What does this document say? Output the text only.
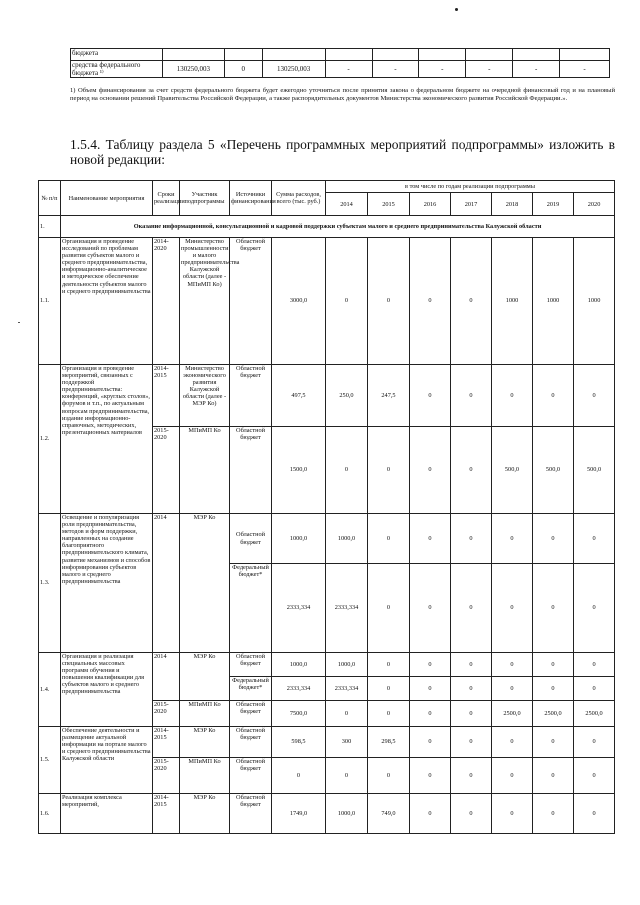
бюджета									
средства федерального бюджета ¹⁾	130250,003	0	130250,003	-	-	-	-	-	-
1) Объем финансирования за счет средств федерального бюджета будет ежегодно уточняться после принятия закона о федеральном бюджете на очередной финансовый год и на плановый период на основании решений Правительства Российской Федерации, а также распорядительных документов Министерства экономического развития Российской Федерации.».
1.5.4. Таблицу раздела 5 «Перечень программных мероприятий подпрограммы» изложить в новой редакции:
№ п/п	Наименование мероприятия	Сроки реализации	Участник подпрограммы	Источники финансирования	Сумма расходов, всего (тыс. руб.)	в том числе по годам реализации подпрограммы						
						2014	2015	2016	2017	2018	2019	2020
1.	Оказание информационной, консультационной и кадровой поддержки субъектам малого и среднего предпринимательства Калужской области											
1.1.	Организация и проведение исследований по проблемам развития субъектов малого и среднего предпринимательства, информационно-аналитическое и методическое обеспечение деятельности субъектов малого и среднего предпринимательства	2014-2020	Министерство промышленности и малого предпринимательства Калужской области (далее - МПиМП Ко)	Областной бюджет	3000,0	0	0	0	0	1000	1000	1000
1.2.	Организация и проведение мероприятий, связанных с поддержкой предпринимательства: конференций, «круглых столов», форумов и т.п., по актуальным вопросам предпринимательства, издание информационно-справочных, методических, презентационных материалов	2014-2015	Министерство экономического развития Калужской области (далее - МЭР Ко)	Областной бюджет	497,5	250,0	247,5	0	0	0	0	0
		2015-2020	МПиМП Ко	Областной бюджет	1500,0	0	0	0	0	500,0	500,0	500,0
1.3.	Освещение и популяризация роли предпринимательства, методов и форм поддержки, направленных на создание благоприятного предпринимательского климата, развитие механизмов и способов информирования субъектов малого и среднего предпринимательства	2014	МЭР Ко	Областной бюджет	1000,0	1000,0	0	0	0	0	0	0
				Федеральный бюджет*	2333,334	2333,334	0	0	0	0	0	0
1.4.	Организация и реализация специальных массовых программ обучения и повышения квалификации для субъектов малого и среднего предпринимательства	2014	МЭР Ко	Областной бюджет	1000,0	1000,0	0	0	0	0	0	0
				Федеральный бюджет*	2333,334	2333,334	0	0	0	0	0	0
		2015-2020	МПиМП Ко	Областной бюджет	7500,0	0	0	0	0	2500,0	2500,0	2500,0
1.5.	Обеспечение деятельности и размещение актуальной информации на портале малого и среднего предпринимательства Калужской области	2014-2015	МЭР Ко	Областной бюджет	598,5	300	298,5	0	0	0	0	0
		2015-2020	МПиМП Ко	Областной бюджет	0	0	0	0	0	0	0	0
1.6.	Реализация комплекса мероприятий,	2014-2015	МЭР Ко	Областной бюджет	1749,0	1000,0	749,0	0	0	0	0	0
